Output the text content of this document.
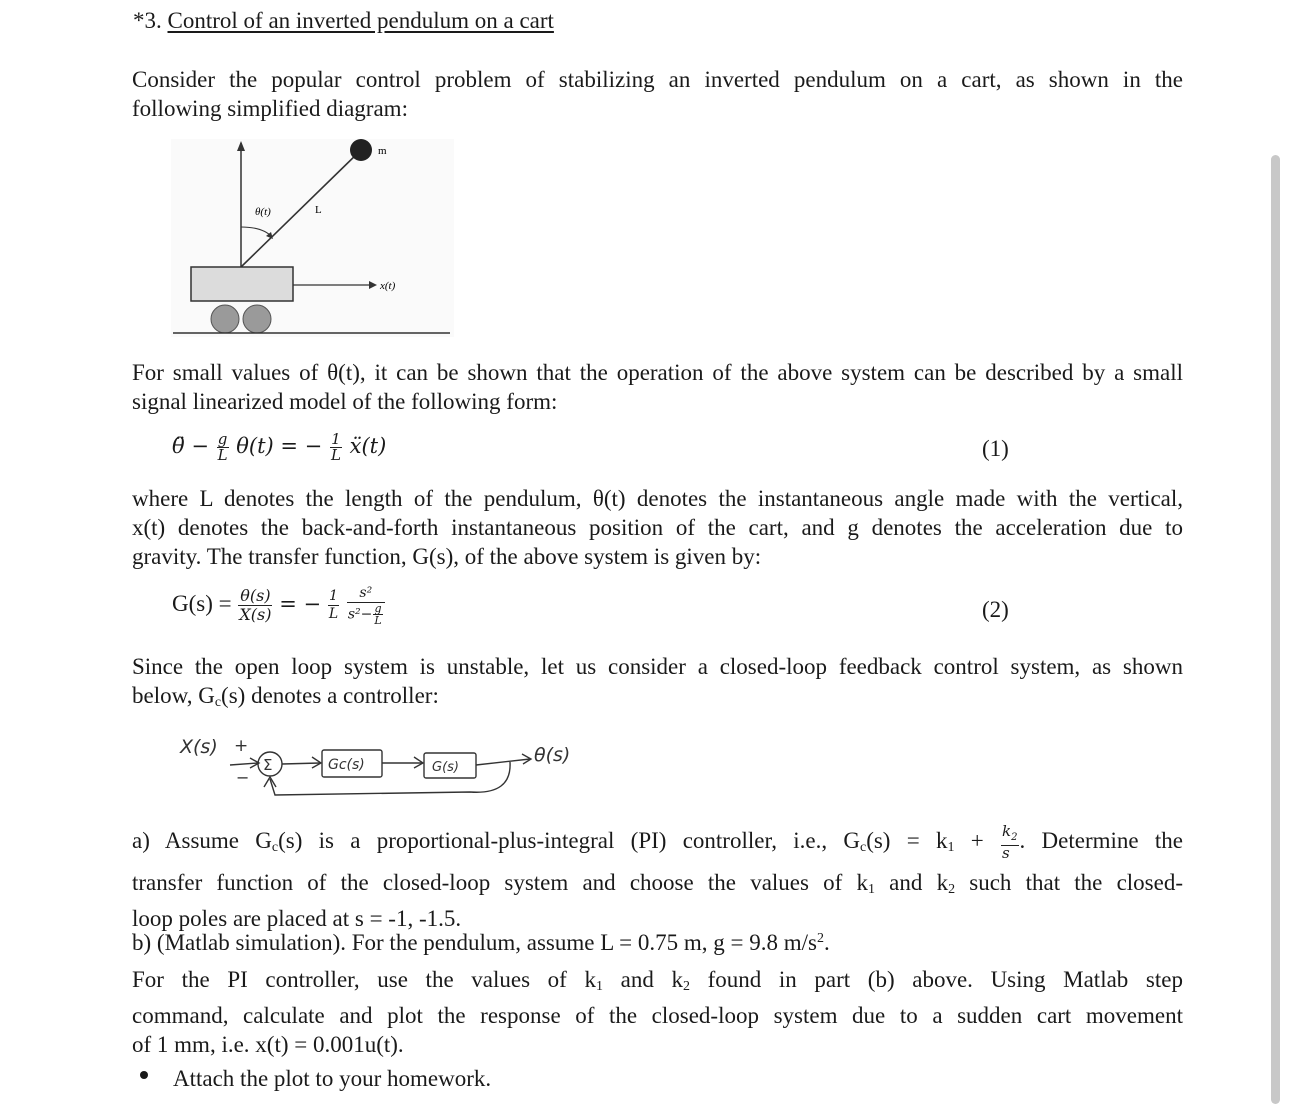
*3. Control of an inverted pendulum on a cart
Consider the popular control problem of stabilizing an inverted pendulum on a cart, as shown in the
following simplified diagram:
m
θ(t)	L
x(t)
For small values of θ(t), it can be shown that the operation of the above system can be described by a small
signal linearized model of the following form:
θ̈ − $\frac{g}{L} \theta(t)$ = − $\frac{1}{L}$ ẍ(t)	(1)
where L denotes the length of the pendulum, θ(t) denotes the instantaneous angle made with the vertical,
x(t) denotes the back-and-forth instantaneous position of the cart, and g denotes the acceleration due to
gravity. The transfer function, G(s), of the above system is given by:
$G(s) = \frac{\theta(s)}{X(s)}$ = − $\frac{1}{L}$
$\frac{\text{s²}}{s^2- \frac{g}{L}}$	(2)
Since the open loop system is unstable, let us consider a closed-loop feedback control system, as shown
below, $G_c(s)$ denotes a controller:
X(s) +
Σ
−
Gc(s)	G(s)
θ(s)
a) Assume $G_c(s)$ is a proportional-plus-integral (PI) controller, i.e., $G_c(s) = k_1 + \frac{k_2}{s}$ . Determine the
transfer function of the closed-loop system and choose the values of $k_1$ and $k_2$ such that the closed-
loop poles are placed at s = -1, -1.5.
b) (Matlab simulation). For the pendulum, assume L = 0.75 m, g = 9.8 $m/s^2$.
For the PI controller, use the values of $k_1$ and $k_2$ found in part (b) above. Using Matlab step
command, calculate and plot the response of the closed-loop system due to a sudden cart movement
of 1 mm, i.e. x(t) = 0.001u(t).
Attach the plot to your homework.
